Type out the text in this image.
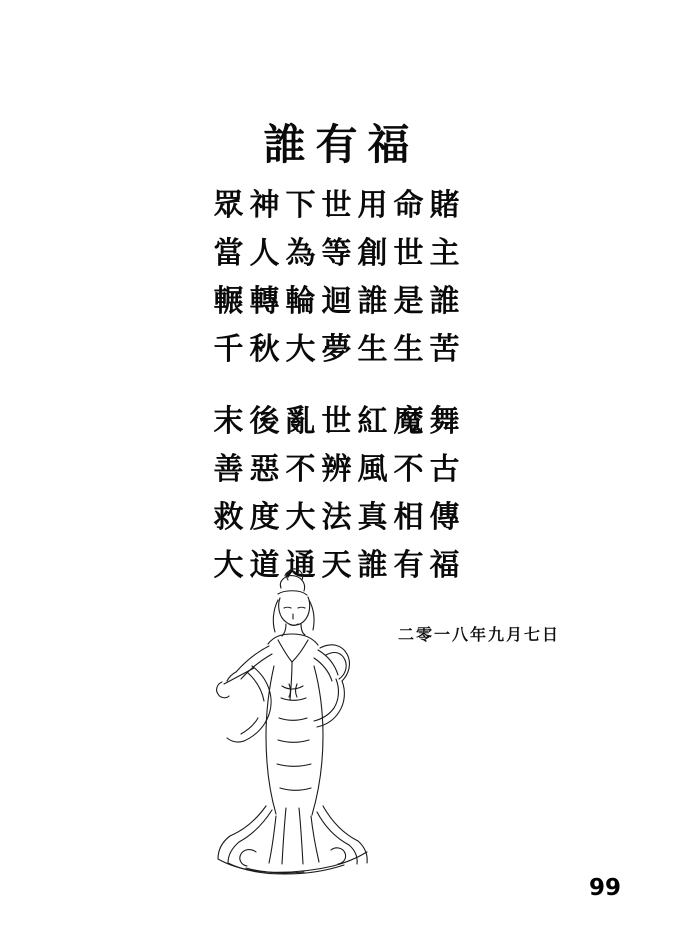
誰有福
眾神下世用命賭
當人為等創世主
輾轉輪迴誰是誰
千秋大夢生生苦
末後亂世紅魔舞
善惡不辨風不古
救度大法真相傳
大道通天誰有福
二零一八年九月七日
99
